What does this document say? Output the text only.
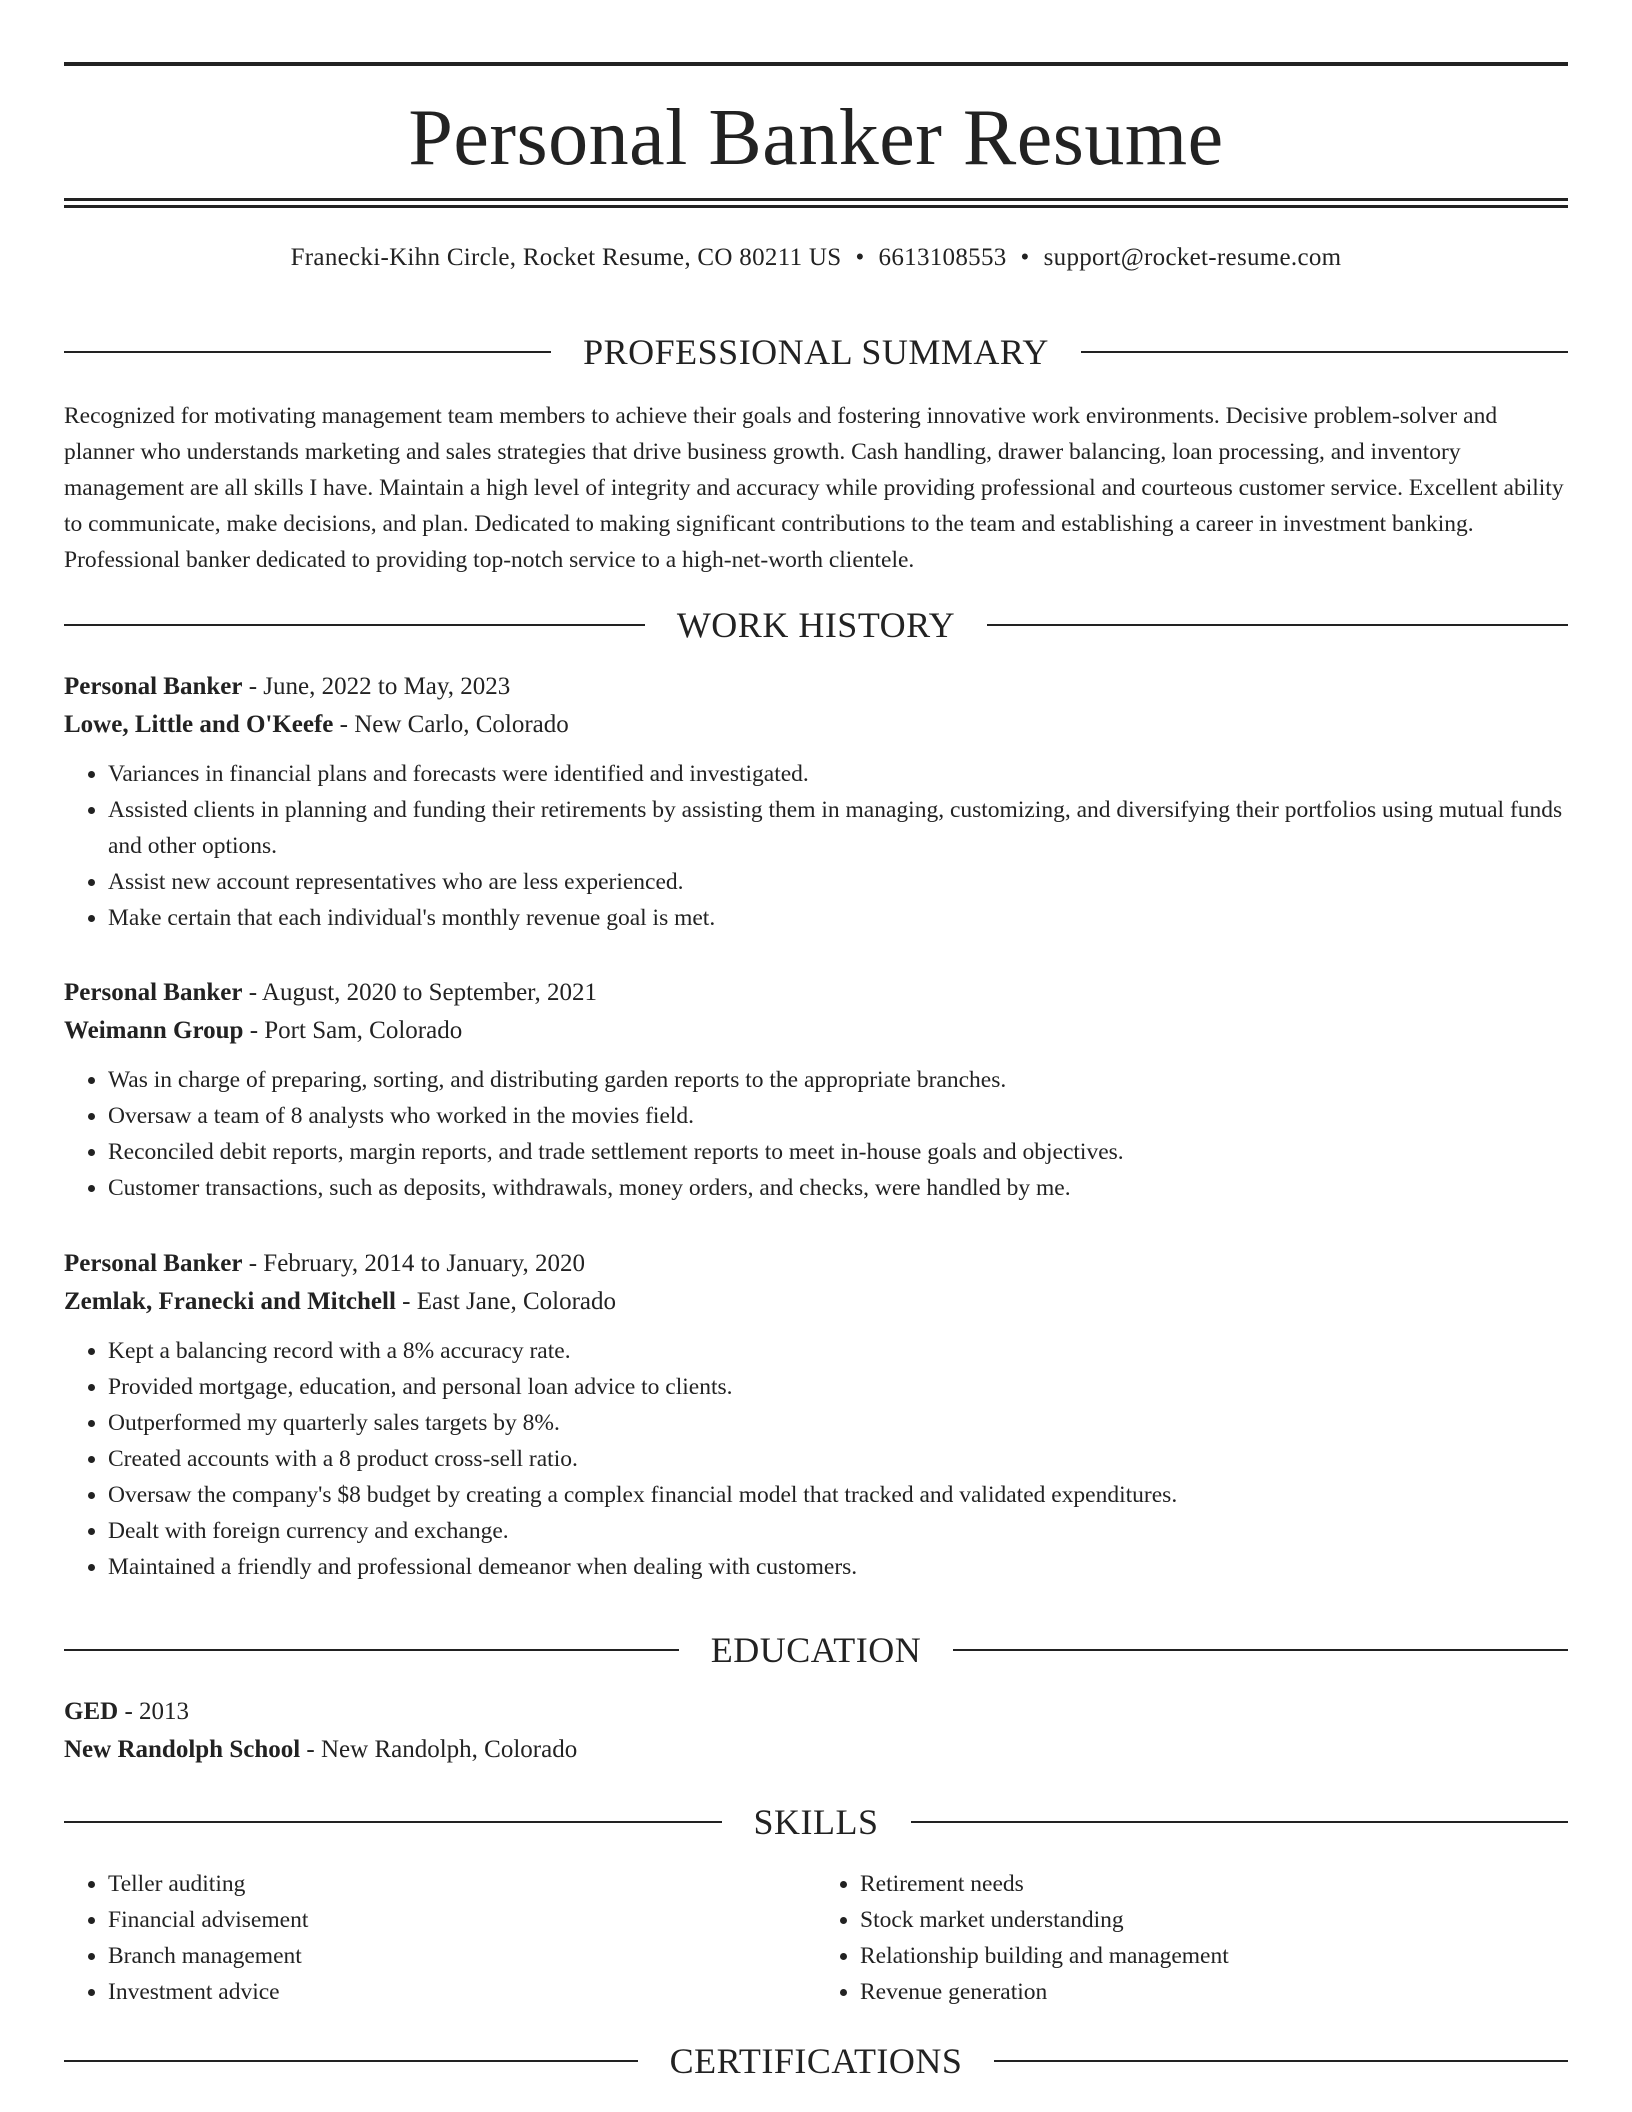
Personal Banker Resume
Franecki-Kihn Circle, Rocket Resume, CO 80211 US • 6613108553 • support@rocket-resume.com
PROFESSIONAL SUMMARY
Recognized for motivating management team members to achieve their goals and fostering innovative work environments. Decisive problem-solver and planner who understands marketing and sales strategies that drive business growth. Cash handling, drawer balancing, loan processing, and inventory management are all skills I have. Maintain a high level of integrity and accuracy while providing professional and courteous customer service. Excellent ability to communicate, make decisions, and plan. Dedicated to making significant contributions to the team and establishing a career in investment banking. Professional banker dedicated to providing top-notch service to a high-net-worth clientele.
WORK HISTORY
Personal Banker - June, 2022 to May, 2023
Lowe, Little and O'Keefe - New Carlo, Colorado
• Variances in financial plans and forecasts were identified and investigated.
• Assisted clients in planning and funding their retirements by assisting them in managing, customizing, and diversifying their portfolios using mutual funds and other options.
• Assist new account representatives who are less experienced.
• Make certain that each individual's monthly revenue goal is met.
Personal Banker - August, 2020 to September, 2021
Weimann Group - Port Sam, Colorado
• Was in charge of preparing, sorting, and distributing garden reports to the appropriate branches.
• Oversaw a team of 8 analysts who worked in the movies field.
• Reconciled debit reports, margin reports, and trade settlement reports to meet in-house goals and objectives.
• Customer transactions, such as deposits, withdrawals, money orders, and checks, were handled by me.
Personal Banker - February, 2014 to January, 2020
Zemlak, Franecki and Mitchell - East Jane, Colorado
• Kept a balancing record with a 8% accuracy rate.
• Provided mortgage, education, and personal loan advice to clients.
• Outperformed my quarterly sales targets by 8%.
• Created accounts with a 8 product cross-sell ratio.
• Oversaw the company's $8 budget by creating a complex financial model that tracked and validated expenditures.
• Dealt with foreign currency and exchange.
• Maintained a friendly and professional demeanor when dealing with customers.
EDUCATION
GED - 2013
New Randolph School - New Randolph, Colorado
SKILLS
• Teller auditing
• Financial advisement
• Branch management
• Investment advice
• Retirement needs
• Stock market understanding
• Relationship building and management
• Revenue generation
CERTIFICATIONS
